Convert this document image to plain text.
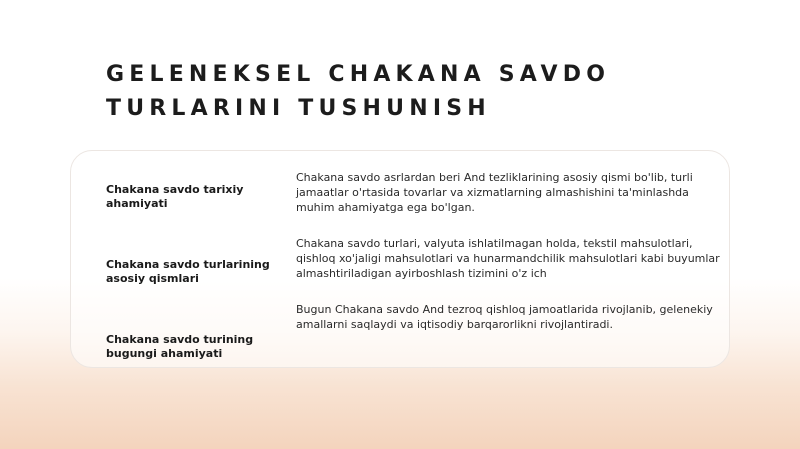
GELENEKSEL CHAKANA SAVDO TURLARINI TUSHUNISH

Chakana savdo tarixiy ahamiyati

Chakana savdo asrlardan beri And tezliklarining asosiy qismi bo'lib, turli jamaatlar o'rtasida tovarlar va xizmatlarning almashishini ta'minlashda muhim ahamiyatga ega bo'lgan.

Chakana savdo turlarining asosiy qismlari

Chakana savdo turlari, valyuta ishlatilmagan holda, tekstil mahsulotlari, qishloq xo'jaligi mahsulotlari va hunarmandchilik mahsulotlari kabi buyumlar almashtiriladigan ayirboshlash tizimini o'z ich

Chakana savdo turining bugungi ahamiyati

Bugun Chakana savdo And tezroq qishloq jamoatlarida rivojlanib, gelenekiy amallarni saqlaydi va iqtisodiy barqarorlikni rivojlantiradi.
